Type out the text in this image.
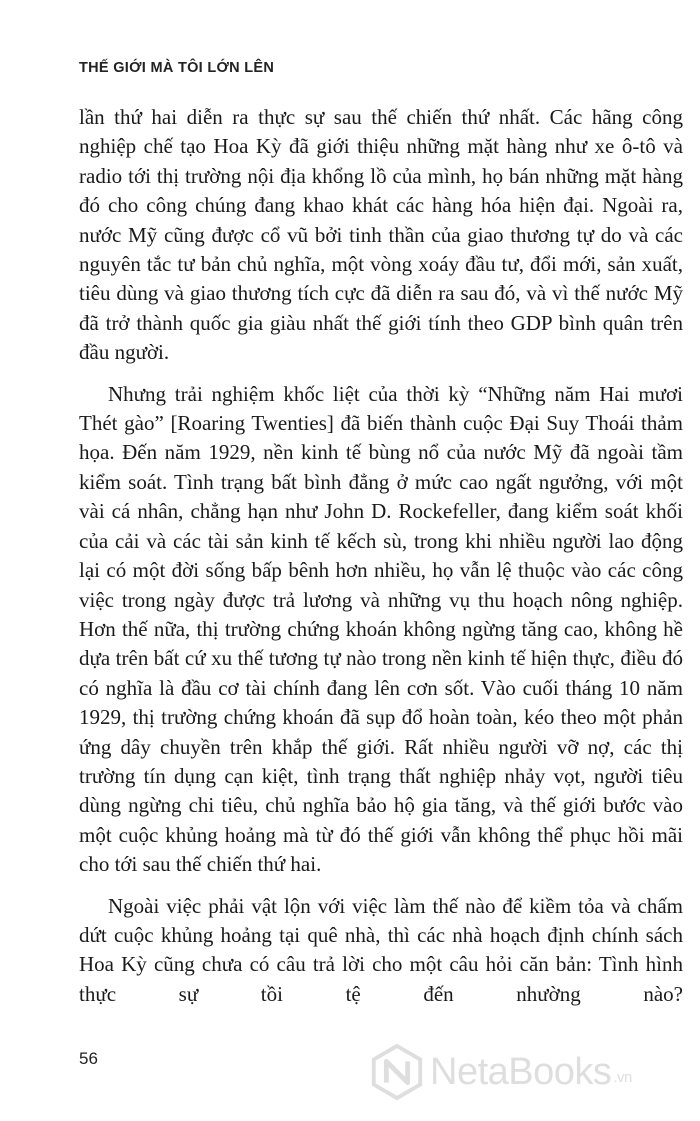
THẾ GIỚI MÀ TÔI LỚN LÊN

lần thứ hai diễn ra thực sự sau thế chiến thứ nhất. Các hãng công nghiệp chế tạo Hoa Kỳ đã giới thiệu những mặt hàng như xe ô-tô và radio tới thị trường nội địa khổng lồ của mình, họ bán những mặt hàng đó cho công chúng đang khao khát các hàng hóa hiện đại. Ngoài ra, nước Mỹ cũng được cổ vũ bởi tinh thần của giao thương tự do và các nguyên tắc tư bản chủ nghĩa, một vòng xoáy đầu tư, đổi mới, sản xuất, tiêu dùng và giao thương tích cực đã diễn ra sau đó, và vì thế nước Mỹ đã trở thành quốc gia giàu nhất thế giới tính theo GDP bình quân trên đầu người.

Nhưng trải nghiệm khốc liệt của thời kỳ “Những năm Hai mươi Thét gào” [Roaring Twenties] đã biến thành cuộc Đại Suy Thoái thảm họa. Đến năm 1929, nền kinh tế bùng nổ của nước Mỹ đã ngoài tầm kiểm soát. Tình trạng bất bình đẳng ở mức cao ngất ngưởng, với một vài cá nhân, chẳng hạn như John D. Rockefeller, đang kiểm soát khối của cải và các tài sản kinh tế kếch sù, trong khi nhiều người lao động lại có một đời sống bấp bênh hơn nhiều, họ vẫn lệ thuộc vào các công việc trong ngày được trả lương và những vụ thu hoạch nông nghiệp. Hơn thế nữa, thị trường chứng khoán không ngừng tăng cao, không hề dựa trên bất cứ xu thế tương tự nào trong nền kinh tế hiện thực, điều đó có nghĩa là đầu cơ tài chính đang lên cơn sốt. Vào cuối tháng 10 năm 1929, thị trường chứng khoán đã sụp đổ hoàn toàn, kéo theo một phản ứng dây chuyền trên khắp thế giới. Rất nhiều người vỡ nợ, các thị trường tín dụng cạn kiệt, tình trạng thất nghiệp nhảy vọt, người tiêu dùng ngừng chi tiêu, chủ nghĩa bảo hộ gia tăng, và thế giới bước vào một cuộc khủng hoảng mà từ đó thế giới vẫn không thể phục hồi mãi cho tới sau thế chiến thứ hai.

Ngoài việc phải vật lộn với việc làm thế nào để kiềm tỏa và chấm dứt cuộc khủng hoảng tại quê nhà, thì các nhà hoạch định chính sách Hoa Kỳ cũng chưa có câu trả lời cho một câu hỏi căn bản: Tình hình thực sự tồi tệ đến nhường nào?

56	NetaBooks .vn
